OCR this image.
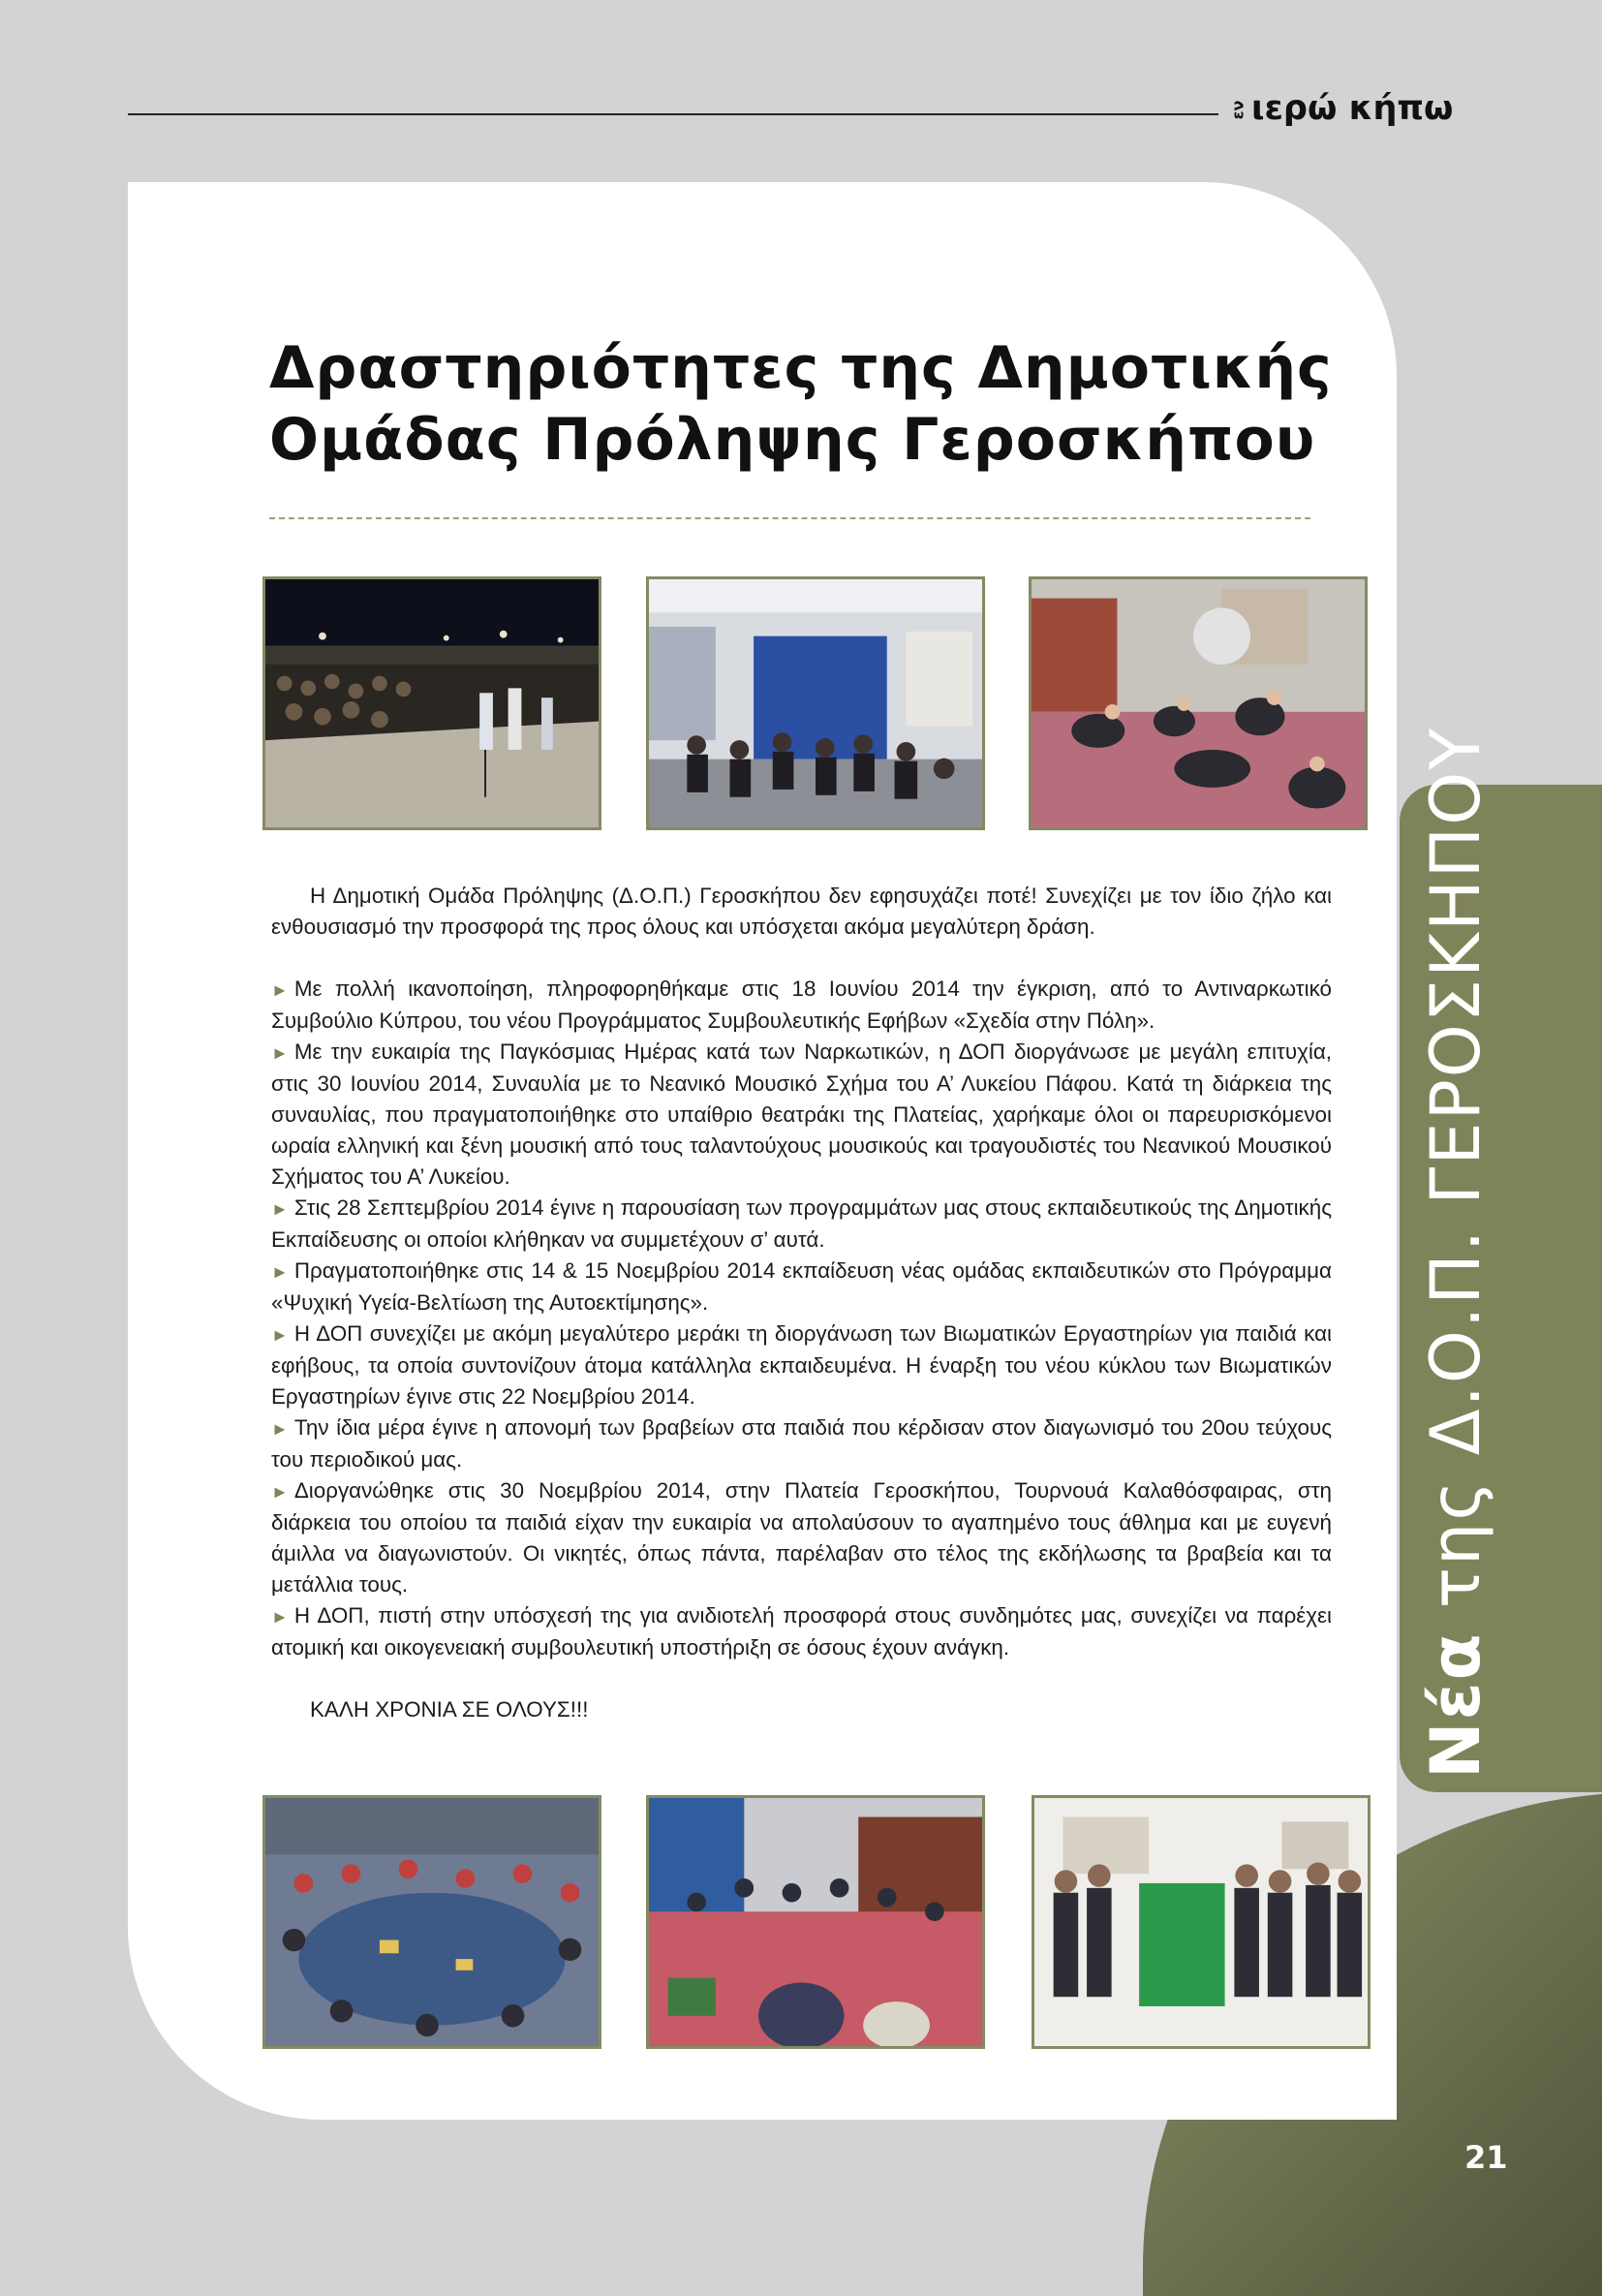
Νέα της Δ.Ο.Π. ΓΕΡΟΣΚΗΠΟΥ
21
εν ιερώ κήπω
Δραστηριότητες της Δημοτικής
Ομάδας Πρόληψης Γεροσκήπου

Η Δημοτική Ομάδα Πρόληψης (Δ.Ο.Π.) Γεροσκήπου δεν εφησυχάζει ποτέ! Συνεχίζει με τον ίδιο ζήλο και ενθουσιασμό την προσφορά της προς όλους και υπόσχεται ακόμα μεγαλύτερη δράση.

► Με πολλή ικανοποίηση, πληροφορηθήκαμε στις 18 Ιουνίου 2014 την έγκριση, από το Αντιναρκωτικό Συμβούλιο Κύπρου, του νέου Προγράμματος Συμβουλευτικής Εφήβων «Σχεδία στην Πόλη».

► Με την ευκαιρία της Παγκόσμιας Ημέρας κατά των Ναρκωτικών, η ΔΟΠ διοργάνωσε με μεγάλη επιτυχία, στις 30 Ιουνίου 2014, Συναυλία με το Νεανικό Μουσικό Σχήμα του Α’ Λυκείου Πάφου. Κατά τη διάρκεια της συναυλίας, που πραγματοποιήθηκε στο υπαίθριο θεατράκι της Πλατείας, χαρήκαμε όλοι οι παρευρισκόμενοι ωραία ελληνική και ξένη μουσική από τους ταλαντούχους μουσικούς και τραγουδιστές του Νεανικού Μουσικού Σχήματος του Α’ Λυκείου.

► Στις 28 Σεπτεμβρίου 2014 έγινε η παρουσίαση των προγραμμάτων μας στους εκπαιδευτικούς της Δημοτικής Εκπαίδευσης οι οποίοι κλήθηκαν να συμμετέχουν σ’ αυτά.

► Πραγματοποιήθηκε στις 14 & 15 Νοεμβρίου 2014 εκπαίδευση νέας ομάδας εκπαιδευτικών στο Πρόγραμμα «Ψυχική Υγεία-Βελτίωση της Αυτοεκτίμησης».

► Η ΔΟΠ συνεχίζει με ακόμη μεγαλύτερο μεράκι τη διοργάνωση των Βιωματικών Εργαστηρίων για παιδιά και εφήβους, τα οποία συντονίζουν άτομα κατάλληλα εκπαιδευμένα. Η έναρξη του νέου κύκλου των Βιωματικών Εργαστηρίων έγινε στις 22 Νοεμβρίου 2014.

► Την ίδια μέρα έγινε η απονομή των βραβείων στα παιδιά που κέρδισαν στον διαγωνισμό του 20ου τεύχους του περιοδικού μας.

► Διοργανώθηκε στις 30 Νοεμβρίου 2014, στην Πλατεία Γεροσκήπου, Τουρνουά Καλαθόσφαιρας, στη διάρκεια του οποίου τα παιδιά είχαν την ευκαιρία να απολαύσουν το αγαπημένο τους άθλημα και με ευγενή άμιλλα να διαγωνιστούν. Οι νικητές, όπως πάντα, παρέλαβαν στο τέλος της εκδήλωσης τα βραβεία και τα μετάλλια τους.

► Η ΔΟΠ, πιστή στην υπόσχεσή της για ανιδιοτελή προσφορά στους συνδημότες μας, συνεχίζει να παρέχει ατομική και οικογενειακή συμβουλευτική υποστήριξη σε όσους έχουν ανάγκη.

ΚΑΛΗ ΧΡΟΝΙΑ ΣΕ ΟΛΟΥΣ!!!
